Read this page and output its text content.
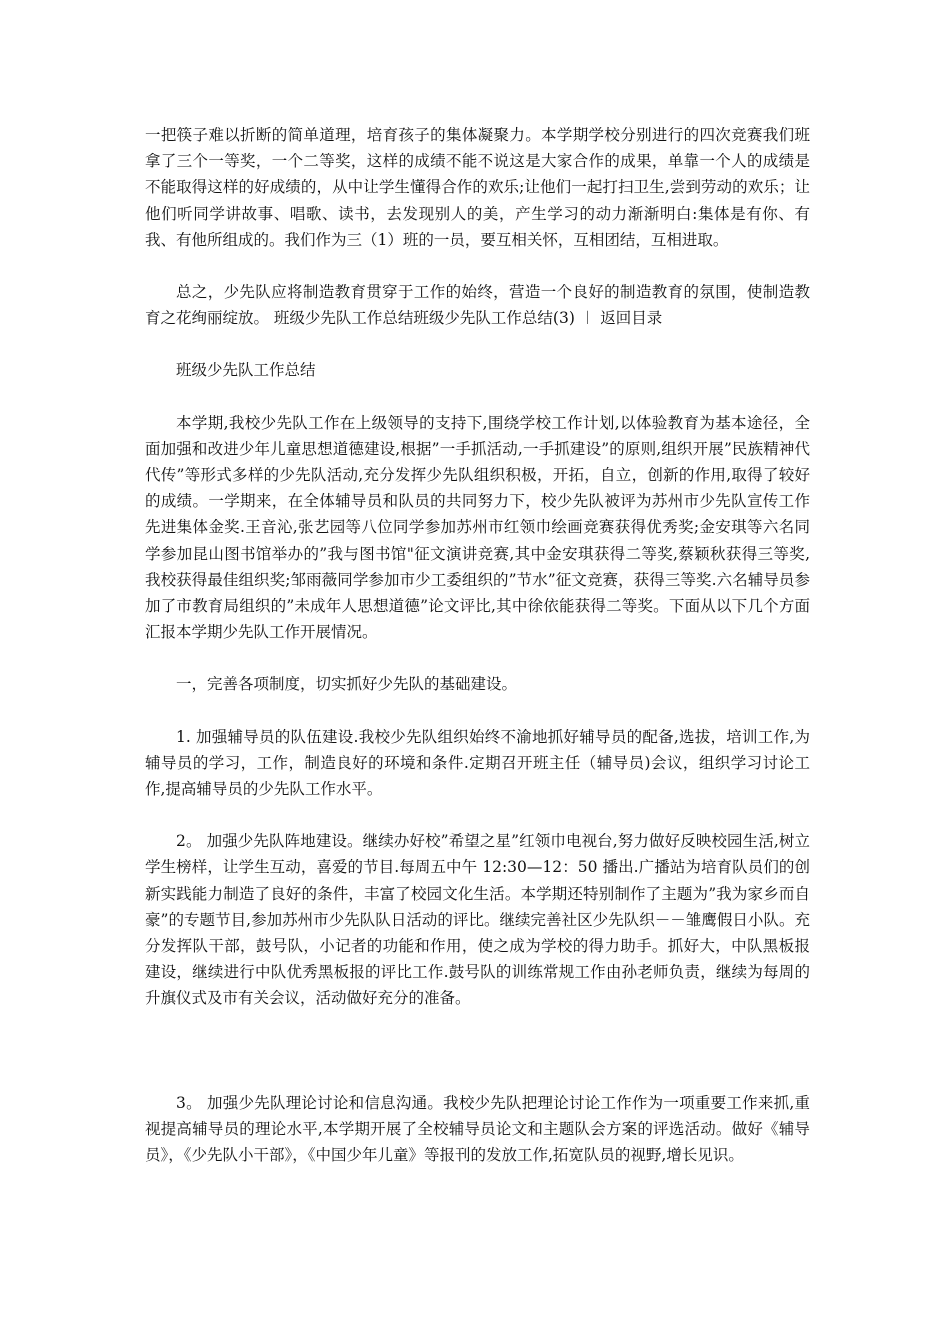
一把筷子难以折断的简单道理，培育孩子的集体凝聚力。本学期学校分别进行的四次竞赛我们班拿了三个一等奖，一个二等奖，这样的成绩不能不说这是大家合作的成果，单靠一个人的成绩是不能取得这样的好成绩的，从中让学生懂得合作的欢乐;让他们一起打扫卫生,尝到劳动的欢乐；让他们听同学讲故事、唱歌、读书，去发现别人的美，产生学习的动力渐渐明白:集体是有你、有我、有他所组成的。我们作为三（1）班的一员，要互相关怀，互相团结，互相进取。

总之，少先队应将制造教育贯穿于工作的始终，营造一个良好的制造教育的氛围，使制造教育之花绚丽绽放。 班级少先队工作总结班级少先队工作总结(3) ︱ 返回目录

班级少先队工作总结

本学期,我校少先队工作在上级领导的支持下,围绕学校工作计划,以体验教育为基本途径，全面加强和改进少年儿童思想道德建设,根据”一手抓活动,一手抓建设”的原则,组织开展”民族精神代代传”等形式多样的少先队活动,充分发挥少先队组织积极，开拓，自立，创新的作用,取得了较好的成绩。一学期来，在全体辅导员和队员的共同努力下，校少先队被评为苏州市少先队宣传工作先进集体金奖.王音沁,张艺园等八位同学参加苏州市红领巾绘画竞赛获得优秀奖;金安琪等六名同学参加昆山图书馆举办的”我与图书馆"征文演讲竞赛,其中金安琪获得二等奖,蔡颖秋获得三等奖,我校获得最佳组织奖;邹雨薇同学参加市少工委组织的”节水”征文竞赛，获得三等奖.六名辅导员参加了市教育局组织的”未成年人思想道德”论文评比,其中徐依能获得二等奖。下面从以下几个方面汇报本学期少先队工作开展情况。

一，完善各项制度，切实抓好少先队的基础建设。

1. 加强辅导员的队伍建设.我校少先队组织始终不渝地抓好辅导员的配备,选拔，培训工作,为辅导员的学习，工作，制造良好的环境和条件.定期召开班主任（辅导员)会议，组织学习讨论工作,提高辅导员的少先队工作水平。

2。 加强少先队阵地建设。继续办好校”希望之星”红领巾电视台,努力做好反映校园生活,树立学生榜样，让学生互动，喜爱的节目.每周五中午 12:30—12：50 播出.广播站为培育队员们的创新实践能力制造了良好的条件，丰富了校园文化生活。本学期还特别制作了主题为”我为家乡而自豪”的专题节目,参加苏州市少先队队日活动的评比。继续完善社区少先队织－－雏鹰假日小队。充分发挥队干部，鼓号队，小记者的功能和作用，使之成为学校的得力助手。抓好大，中队黑板报建设，继续进行中队优秀黑板报的评比工作.鼓号队的训练常规工作由孙老师负责，继续为每周的升旗仪式及市有关会议，活动做好充分的准备。

3。 加强少先队理论讨论和信息沟通。我校少先队把理论讨论工作作为一项重要工作来抓,重视提高辅导员的理论水平,本学期开展了全校辅导员论文和主题队会方案的评选活动。做好《辅导员》，《少先队小干部》，《中国少年儿童》等报刊的发放工作,拓宽队员的视野,增长见识。
